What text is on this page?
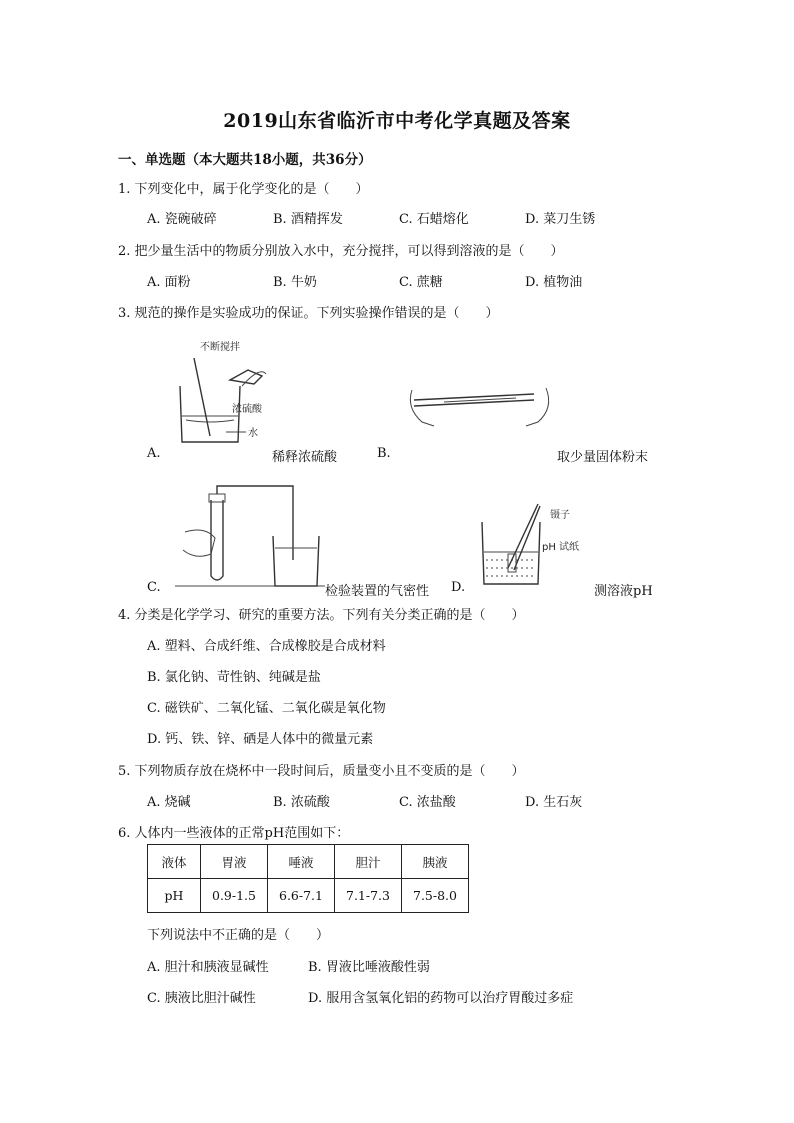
2019山东省临沂市中考化学真题及答案
一、单选题（本大题共18小题，共36分）
1. 下列变化中，属于化学变化的是（　　）
A. 瓷碗破碎	B. 酒精挥发	C. 石蜡熔化	D. 菜刀生锈
2. 把少量生活中的物质分别放入水中，充分搅拌，可以得到溶液的是（　　）
A. 面粉	B. 牛奶	C. 蔗糖	D. 植物油
3. 规范的操作是实验成功的保证。下列实验操作错误的是（　　）
不断搅拌
浓硫酸
水
A.	稀释浓硫酸	B.	取少量固体粉末
C.	检验装置的气密性
镊子
pH 试纸
D.	测溶液pH
4. 分类是化学学习、研究的重要方法。下列有关分类正确的是（　　）
A. 塑料、合成纤维、合成橡胶是合成材料
B. 氯化钠、苛性钠、纯碱是盐
C. 磁铁矿、二氧化锰、二氧化碳是氧化物
D. 钙、铁、锌、硒是人体中的微量元素
5. 下列物质存放在烧杯中一段时间后，质量变小且不变质的是（　　）
A. 烧碱	B. 浓硫酸	C. 浓盐酸	D. 生石灰
6. 人体内一些液体的正常pH范围如下：
液体	胃液	唾液	胆汁	胰液
pH	0.9-1.5	6.6-7.1	7.1-7.3	7.5-8.0
下列说法中不正确的是（　　）
A. 胆汁和胰液显碱性	B. 胃液比唾液酸性弱
C. 胰液比胆汁碱性	D. 服用含氢氧化铝的药物可以治疗胃酸过多症
